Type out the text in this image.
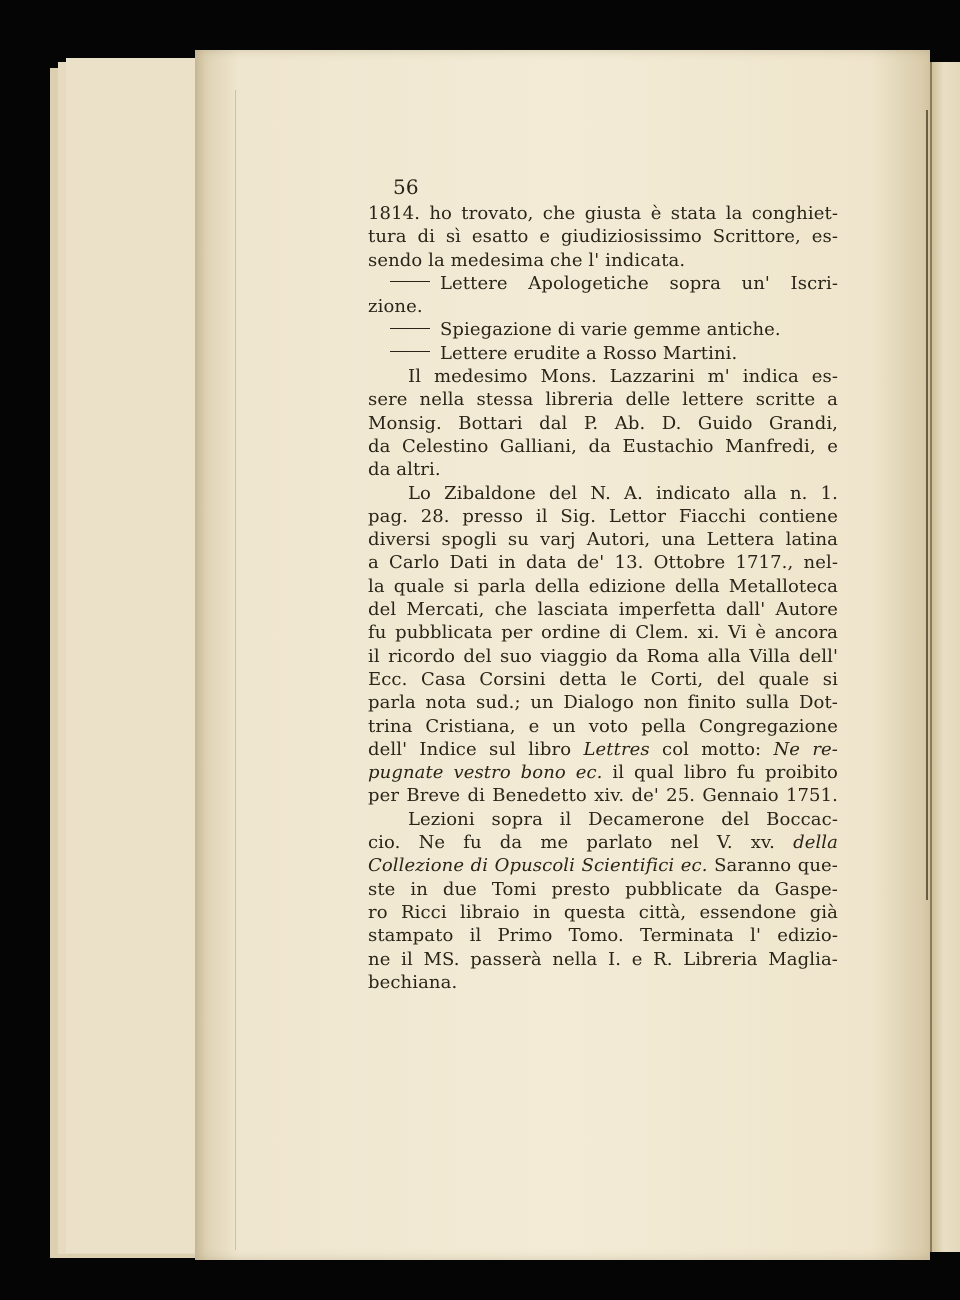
56
1814. ho trovato, che giusta è stata la conghiet-
tura di sì esatto e giudiziosissimo Scrittore, es-
sendo la medesima che l' indicata.
Lettere Apologetiche sopra un' Iscri-
zione.
Spiegazione di varie gemme antiche.
Lettere erudite a Rosso Martini.
Il medesimo Mons. Lazzarini m' indica es-
sere nella stessa libreria delle lettere scritte a
Monsig. Bottari dal P. Ab. D. Guido Grandi,
da Celestino Galliani, da Eustachio Manfredi, e
da altri.
Lo Zibaldone del N. A. indicato alla n. 1.
pag. 28. presso il Sig. Lettor Fiacchi contiene
diversi spogli su varj Autori, una Lettera latina
a Carlo Dati in data de' 13. Ottobre 1717., nel-
la quale si parla della edizione della Metalloteca
del Mercati, che lasciata imperfetta dall' Autore
fu pubblicata per ordine di Clem. xi. Vi è ancora
il ricordo del suo viaggio da Roma alla Villa dell'
Ecc. Casa Corsini detta le Corti, del quale si
parla nota sud.; un Dialogo non finito sulla Dot-
trina Cristiana, e un voto pella Congregazione
dell' Indice sul libro Lettres col motto: Ne re-
pugnate vestro bono ec. il qual libro fu proibito
per Breve di Benedetto xiv. de' 25. Gennaio 1751.
Lezioni sopra il Decamerone del Boccac-
cio. Ne fu da me parlato nel V. xv. della
Collezione di Opuscoli Scientifici ec. Saranno que-
ste in due Tomi presto pubblicate da Gaspe-
ro Ricci libraio in questa città, essendone già
stampato il Primo Tomo. Terminata l' edizio-
ne il MS. passerà nella I. e R. Libreria Maglia-
bechiana.
